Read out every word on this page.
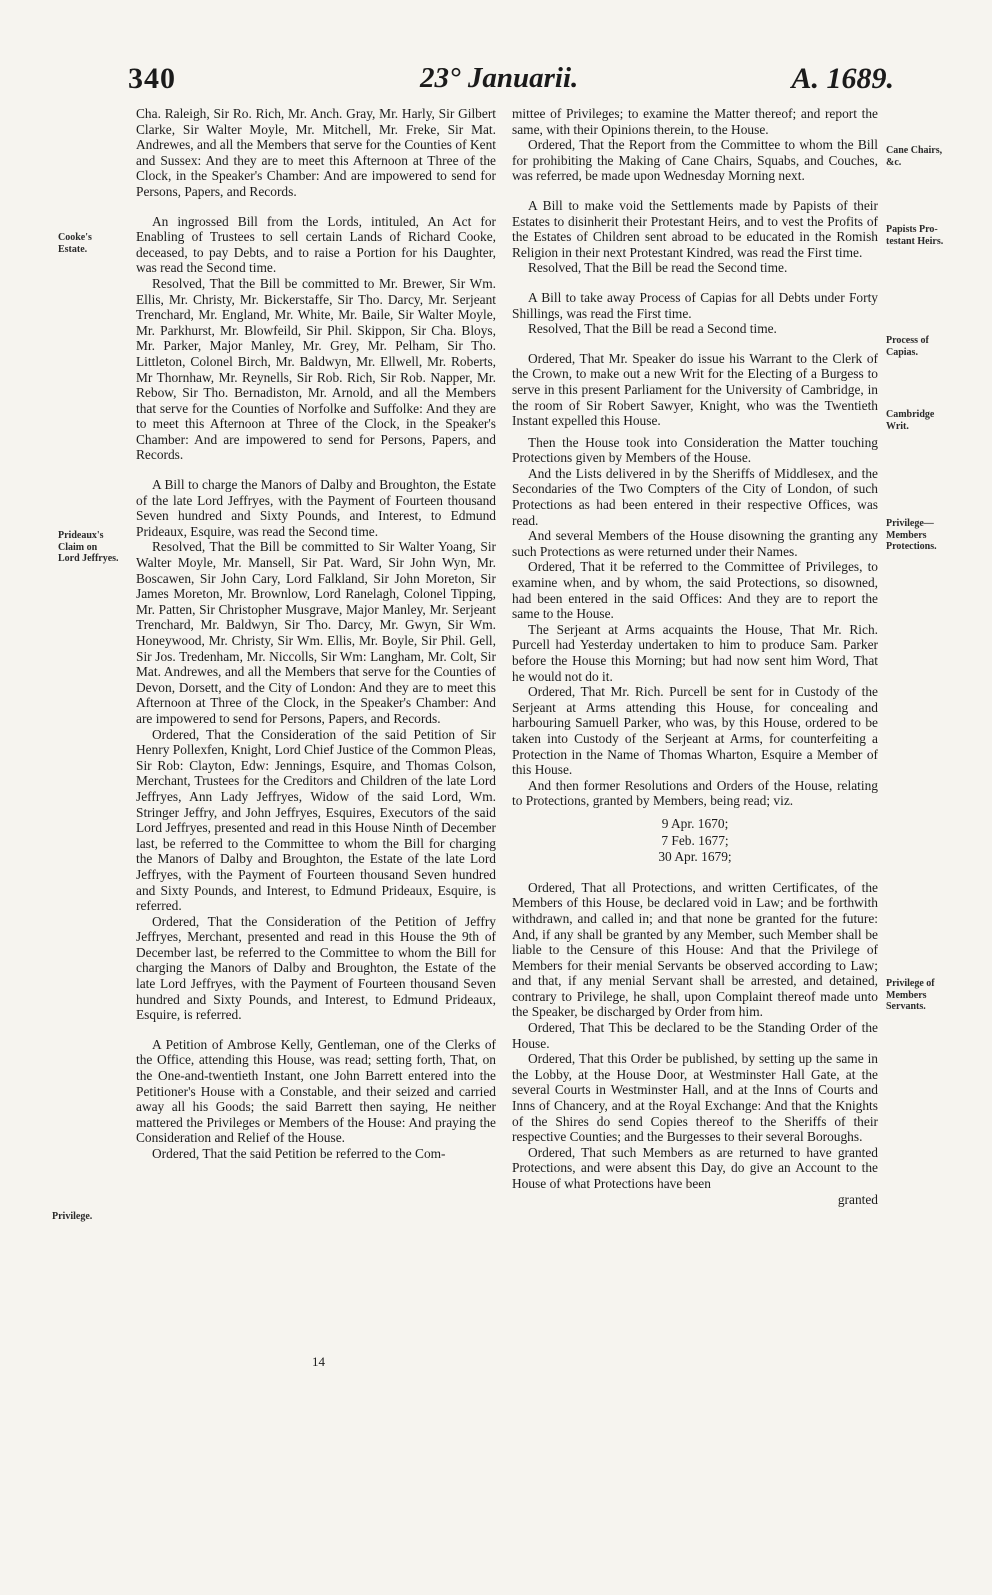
340	23° Januarii.	A. 1689.
Cooke's
Estate.
Prideaux's
Claim on
Lord Jeffryes.
Privilege.
Cane Chairs,
&c.
Papists Pro-
testant Heirs.
Process of
Capias.
Cambridge
Writ.
Privilege—
Members
Protections.
Privilege of
Members
Servants.

Cha. Raleigh, Sir Ro. Rich, Mr. Anch. Gray, Mr. Harly, Sir Gilbert Clarke, Sir Walter Moyle, Mr. Mitchell, Mr. Freke, Sir Mat. Andrewes, and all the Members that serve for the Counties of Kent and Sussex: And they are to meet this Afternoon at Three of the Clock, in the Speaker's Chamber: And are impowered to send for Persons, Papers, and Records.

An ingrossed Bill from the Lords, intituled, An Act for Enabling of Trustees to sell certain Lands of Richard Cooke, deceased, to pay Debts, and to raise a Portion for his Daughter, was read the Second time.

Resolved, That the Bill be committed to Mr. Brewer, Sir Wm. Ellis, Mr. Christy, Mr. Bickerstaffe, Sir Tho. Darcy, Mr. Serjeant Trenchard, Mr. England, Mr. White, Mr. Baile, Sir Walter Moyle, Mr. Parkhurst, Mr. Blowfeild, Sir Phil. Skippon, Sir Cha. Bloys, Mr. Parker, Major Manley, Mr. Grey, Mr. Pelham, Sir Tho. Littleton, Colonel Birch, Mr. Baldwyn, Mr. Ellwell, Mr. Roberts, Mr Thornhaw, Mr. Reynells, Sir Rob. Rich, Sir Rob. Napper, Mr. Rebow, Sir Tho. Bernadiston, Mr. Arnold, and all the Members that serve for the Counties of Norfolke and Suffolke: And they are to meet this Afternoon at Three of the Clock, in the Speaker's Chamber: And are impowered to send for Persons, Papers, and Records.

A Bill to charge the Manors of Dalby and Broughton, the Estate of the late Lord Jeffryes, with the Payment of Fourteen thousand Seven hundred and Sixty Pounds, and Interest, to Edmund Prideaux, Esquire, was read the Second time.

Resolved, That the Bill be committed to Sir Walter Yoang, Sir Walter Moyle, Mr. Mansell, Sir Pat. Ward, Sir John Wyn, Mr. Boscawen, Sir John Cary, Lord Falkland, Sir John Moreton, Sir James Moreton, Mr. Brownlow, Lord Ranelagh, Colonel Tipping, Mr. Patten, Sir Christopher Musgrave, Major Manley, Mr. Serjeant Trenchard, Mr. Baldwyn, Sir Tho. Darcy, Mr. Gwyn, Sir Wm. Honeywood, Mr. Christy, Sir Wm. Ellis, Mr. Boyle, Sir Phil. Gell, Sir Jos. Tredenham, Mr. Niccolls, Sir Wm: Langham, Mr. Colt, Sir Mat. Andrewes, and all the Members that serve for the Counties of Devon, Dorsett, and the City of London: And they are to meet this Afternoon at Three of the Clock, in the Speaker's Chamber: And are impowered to send for Persons, Papers, and Records.

Ordered, That the Consideration of the said Petition of Sir Henry Pollexfen, Knight, Lord Chief Justice of the Common Pleas, Sir Rob: Clayton, Edw: Jennings, Esquire, and Thomas Colson, Merchant, Trustees for the Creditors and Children of the late Lord Jeffryes, Ann Lady Jeffryes, Widow of the said Lord, Wm. Stringer Jeffry, and John Jeffryes, Esquires, Executors of the said Lord Jeffryes, presented and read in this House Ninth of December last, be referred to the Committee to whom the Bill for charging the Manors of Dalby and Broughton, the Estate of the late Lord Jeffryes, with the Payment of Fourteen thousand Seven hundred and Sixty Pounds, and Interest, to Edmund Prideaux, Esquire, is referred.

Ordered, That the Consideration of the Petition of Jeffry Jeffryes, Merchant, presented and read in this House the 9th of December last, be referred to the Committee to whom the Bill for charging the Manors of Dalby and Broughton, the Estate of the late Lord Jeffryes, with the Payment of Fourteen thousand Seven hundred and Sixty Pounds, and Interest, to Edmund Prideaux, Esquire, is referred.

A Petition of Ambrose Kelly, Gentleman, one of the Clerks of the Office, attending this House, was read; setting forth, That, on the One-and-twentieth Instant, one John Barrett entered into the Petitioner's House with a Constable, and their seized and carried away all his Goods; the said Barrett then saying, He neither mattered the Privileges or Members of the House: And praying the Consideration and Relief of the House.

Ordered, That the said Petition be referred to the Com-

mittee of Privileges; to examine the Matter thereof; and report the same, with their Opinions therein, to the House.

Ordered, That the Report from the Committee to whom the Bill for prohibiting the Making of Cane Chairs, Squabs, and Couches, was referred, be made upon Wednesday Morning next.

A Bill to make void the Settlements made by Papists of their Estates to disinherit their Protestant Heirs, and to vest the Profits of the Estates of Children sent abroad to be educated in the Romish Religion in their next Protestant Kindred, was read the First time.

Resolved, That the Bill be read the Second time.

A Bill to take away Process of Capias for all Debts under Forty Shillings, was read the First time.

Resolved, That the Bill be read a Second time.

Ordered, That Mr. Speaker do issue his Warrant to the Clerk of the Crown, to make out a new Writ for the Electing of a Burgess to serve in this present Parliament for the University of Cambridge, in the room of Sir Robert Sawyer, Knight, who was the Twentieth Instant expelled this House.

Then the House took into Consideration the Matter touching Protections given by Members of the House.

And the Lists delivered in by the Sheriffs of Middlesex, and the Secondaries of the Two Compters of the City of London, of such Protections as had been entered in their respective Offices, was read.

And several Members of the House disowning the granting any such Protections as were returned under their Names.

Ordered, That it be referred to the Committee of Privileges, to examine when, and by whom, the said Protections, so disowned, had been entered in the said Offices: And they are to report the same to the House.

The Serjeant at Arms acquaints the House, That Mr. Rich. Purcell had Yesterday undertaken to him to produce Sam. Parker before the House this Morning; but had now sent him Word, That he would not do it.

Ordered, That Mr. Rich. Purcell be sent for in Custody of the Serjeant at Arms attending this House, for concealing and harbouring Samuell Parker, who was, by this House, ordered to be taken into Custody of the Serjeant at Arms, for counterfeiting a Protection in the Name of Thomas Wharton, Esquire a Member of this House.

And then former Resolutions and Orders of the House, relating to Protections, granted by Members, being read; viz.

9 Apr. 1670;

7 Feb. 1677;

30 Apr. 1679;

Ordered, That all Protections, and written Certificates, of the Members of this House, be declared void in Law; and be forthwith withdrawn, and called in; and that none be granted for the future: And, if any shall be granted by any Member, such Member shall be liable to the Censure of this House: And that the Privilege of Members for their menial Servants be observed according to Law; and that, if any menial Servant shall be arrested, and detained, contrary to Privilege, he shall, upon Complaint thereof made unto the Speaker, be discharged by Order from him.

Ordered, That This be declared to be the Standing Order of the House.

Ordered, That this Order be published, by setting up the same in the Lobby, at the House Door, at Westminster Hall Gate, at the several Courts in Westminster Hall, and at the Inns of Courts and Inns of Chancery, and at the Royal Exchange: And that the Knights of the Shires do send Copies thereof to the Sheriffs of their respective Counties; and the Burgesses to their several Boroughs.

Ordered, That such Members as are returned to have granted Protections, and were absent this Day, do give an Account to the House of what Protections have been

granted

14
